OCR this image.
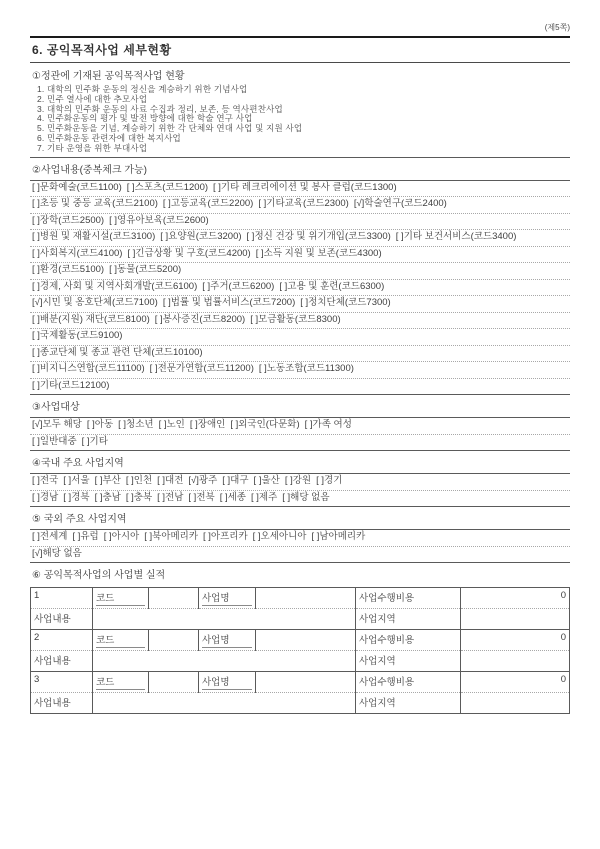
(제5쪽)
6. 공익목적사업 세부현황
①정관에 기재된 공익목적사업 현황
1. 대학의 민주화 운동의 정신을 계승하기 위한 기념사업
2. 민주 열사에 대한 추모사업
3. 대학의 민주화 운동의 사료 수집과 정리, 보존, 등 역사편찬사업
4. 민주화운동의 평가 및 발전 방향에 대한 학술 연구 사업
5. 민주화운동을 기념, 계승하기 위한 각 단체와 연대 사업 및 지원 사업
6. 민주화운동 관련자에 대한 복지사업
7. 기타 운영을 위한 부대사업
②사업내용(중복체크 가능)
[ ]문화예술(코드1100) [ ]스포츠(코드1200) [ ]기타 레크리에이션 및 봉사 클럽(코드1300)
[ ]초등 및 중등 교육(코드2100) [ ]고등교육(코드2200) [ ]기타교육(코드2300) [√]학술연구(코드2400)
[ ]장학(코드2500) [ ]영유아보육(코드2600)
[ ]병원 및 재활시설(코드3100) [ ]요양원(코드3200) [ ]정신 건강 및 위기개입(코드3300) [ ]기타 보건서비스(코드3400)
[ ]사회복지(코드4100) [ ]긴급상황 및 구호(코드4200) [ ]소득 지원 및 보존(코드4300)
[ ]환경(코드5100) [ ]동물(코드5200)
[ ]경제, 사회 및 지역사회개발(코드6100) [ ]주거(코드6200) [ ]고용 및 훈련(코드6300)
[√]시민 및 옹호단체(코드7100) [ ]법률 및 법률서비스(코드7200) [ ]정치단체(코드7300)
[ ]배분(지원) 재단(코드8100) [ ]봉사증진(코드8200) [ ]모금활동(코드8300)
[ ]국제활동(코드9100)
[ ]종교단체 및 종교 관련 단체(코드10100)
[ ]비지니스연합(코드11100) [ ]전문가연합(코드11200) [ ]노동조합(코드11300)
[ ]기타(코드12100)
③사업대상
[√]모두 해당 [ ]아동 [ ]청소년 [ ]노인 [ ]장애인 [ ]외국인(다문화) [ ]가족 여성
[ ]일반대중 [ ]기타
④국내 주요 사업지역
[ ]전국 [ ]서울 [ ]부산 [ ]인천 [ ]대전 [√]광주 [ ]대구 [ ]울산 [ ]강원 [ ]경기
[ ]경남 [ ]경북 [ ]충남 [ ]충북 [ ]전남 [ ]전북 [ ]세종 [ ]제주 [ ]해당 없음
⑤ 국외 주요 사업지역
[ ]전세계 [ ]유럽 [ ]아시아 [ ]북아메리카 [ ]아프리카 [ ]오세아니아 [ ]남아메리카
[√]해당 없음
⑥ 공익목적사업의 사업별 실적
1	코드		사업명		사업수행비용	0
사업내용					사업지역	
2	코드		사업명		사업수행비용	0
사업내용					사업지역	
3	코드		사업명		사업수행비용	0
사업내용					사업지역	
